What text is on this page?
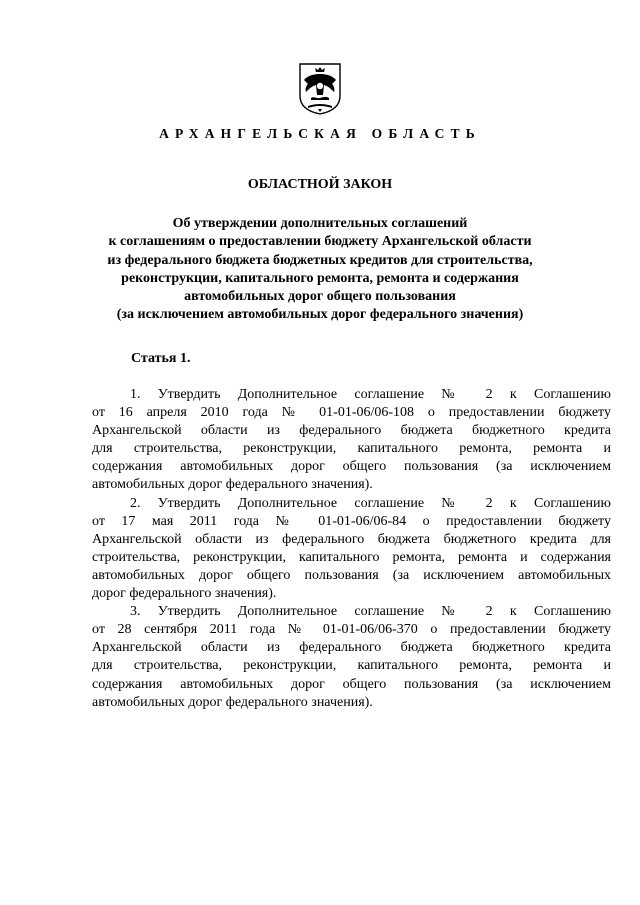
АРХАНГЕЛЬСКАЯ ОБЛАСТЬ
ОБЛАСТНОЙ ЗАКОН
Об утверждении дополнительных соглашений
к соглашениям о предоставлении бюджету Архангельской области
из федерального бюджета бюджетных кредитов для строительства,
реконструкции, капитального ремонта, ремонта и содержания
автомобильных дорог общего пользования
(за исключением автомобильных дорог федерального значения)
Статья 1.
1. Утвердить Дополнительное соглашение № 2 к Соглашению
от 16 апреля 2010 года № 01-01-06/06-108 о предоставлении бюджету
Архангельской области из федерального бюджета бюджетного кредита
для строительства, реконструкции, капитального ремонта, ремонта и
содержания автомобильных дорог общего пользования (за исключением
автомобильных дорог федерального значения).
2. Утвердить Дополнительное соглашение № 2 к Соглашению
от 17 мая 2011 года № 01-01-06/06-84 о предоставлении бюджету
Архангельской области из федерального бюджета бюджетного кредита для
строительства, реконструкции, капитального ремонта, ремонта и содержания
автомобильных дорог общего пользования (за исключением автомобильных
дорог федерального значения).
3. Утвердить Дополнительное соглашение № 2 к Соглашению
от 28 сентября 2011 года № 01-01-06/06-370 о предоставлении бюджету
Архангельской области из федерального бюджета бюджетного кредита
для строительства, реконструкции, капитального ремонта, ремонта и
содержания автомобильных дорог общего пользования (за исключением
автомобильных дорог федерального значения).
